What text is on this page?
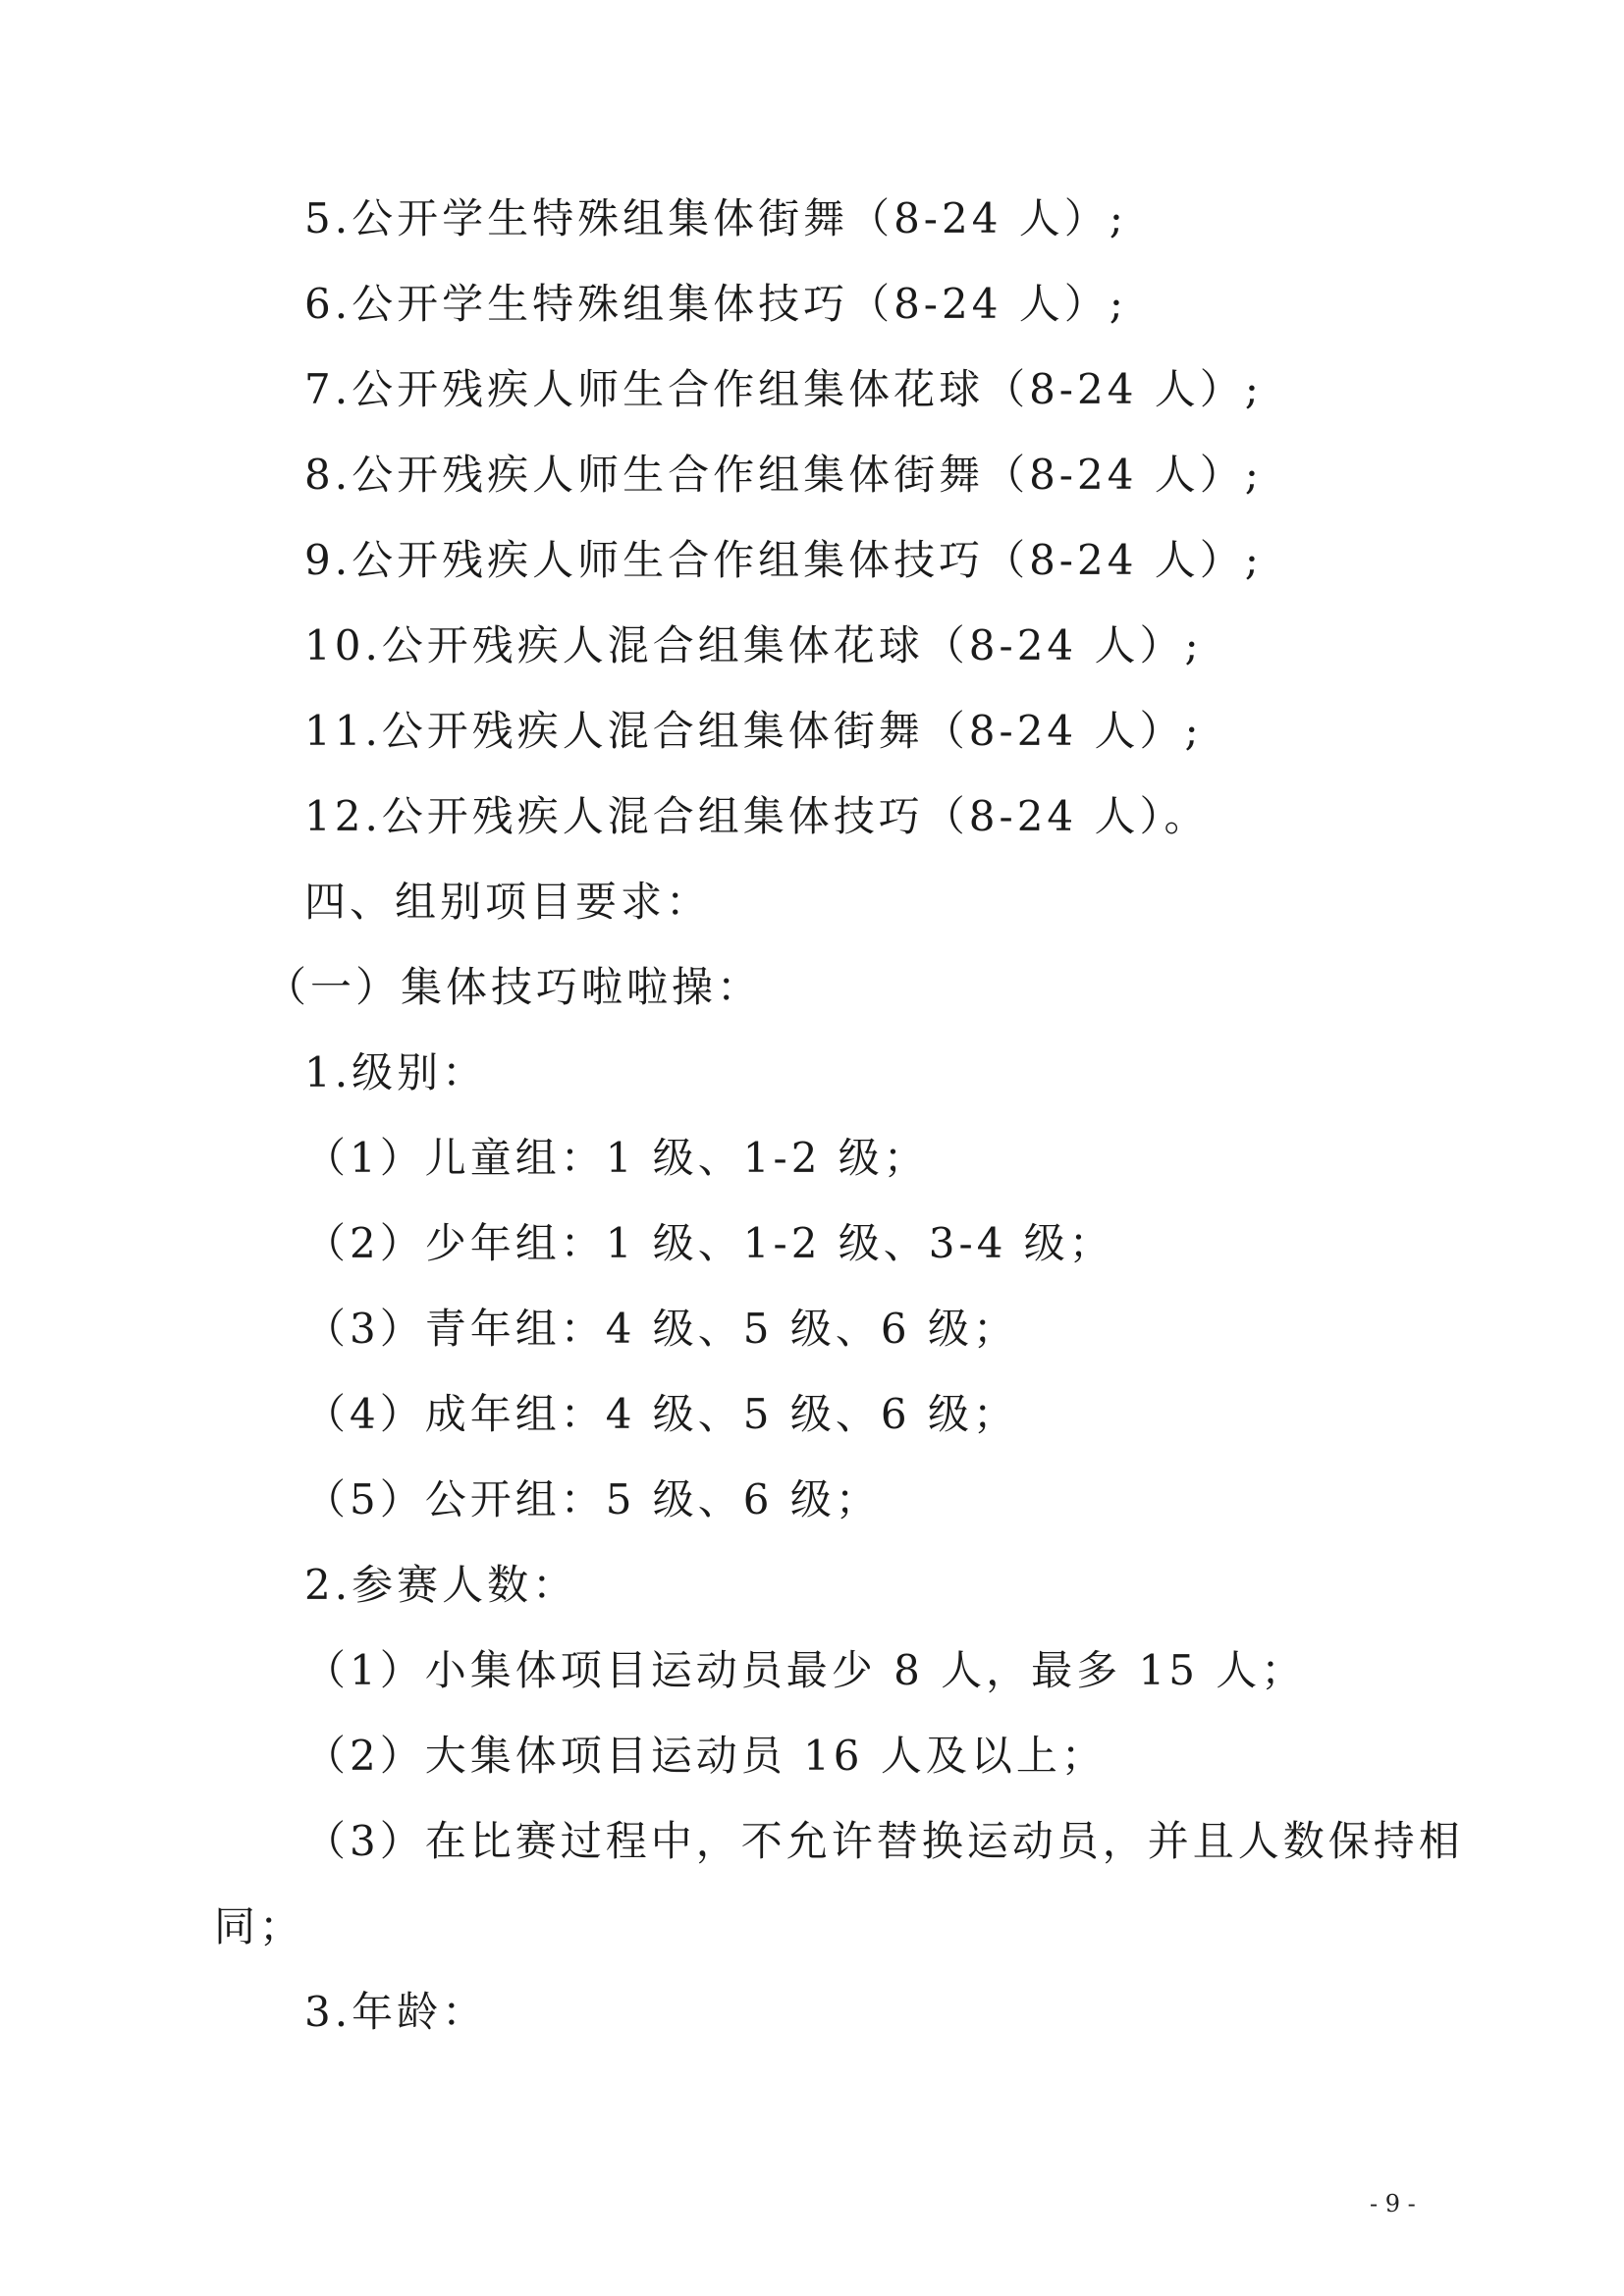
5.公开学生特殊组集体街舞（8-24 人）;
6.公开学生特殊组集体技巧（8-24 人）;
7.公开残疾人师生合作组集体花球（8-24 人）;
8.公开残疾人师生合作组集体街舞（8-24 人）;
9.公开残疾人师生合作组集体技巧（8-24 人）;
10.公开残疾人混合组集体花球（8-24 人）;
11.公开残疾人混合组集体街舞（8-24 人）;
12.公开残疾人混合组集体技巧（8-24 人）。
四、组别项目要求：
（一）集体技巧啦啦操：
1.级别：
（1）儿童组：1 级、1-2 级；
（2）少年组：1 级、1-2 级、3-4 级；
（3）青年组：4 级、5 级、6 级；
（4）成年组：4 级、5 级、6 级；
（5）公开组：5 级、6 级；
2.参赛人数：
（1）小集体项目运动员最少 8 人，最多 15 人；
（2）大集体项目运动员 16 人及以上；
（3）在比赛过程中，不允许替换运动员，并且人数保持相
同；
3.年龄：
- 9 -
